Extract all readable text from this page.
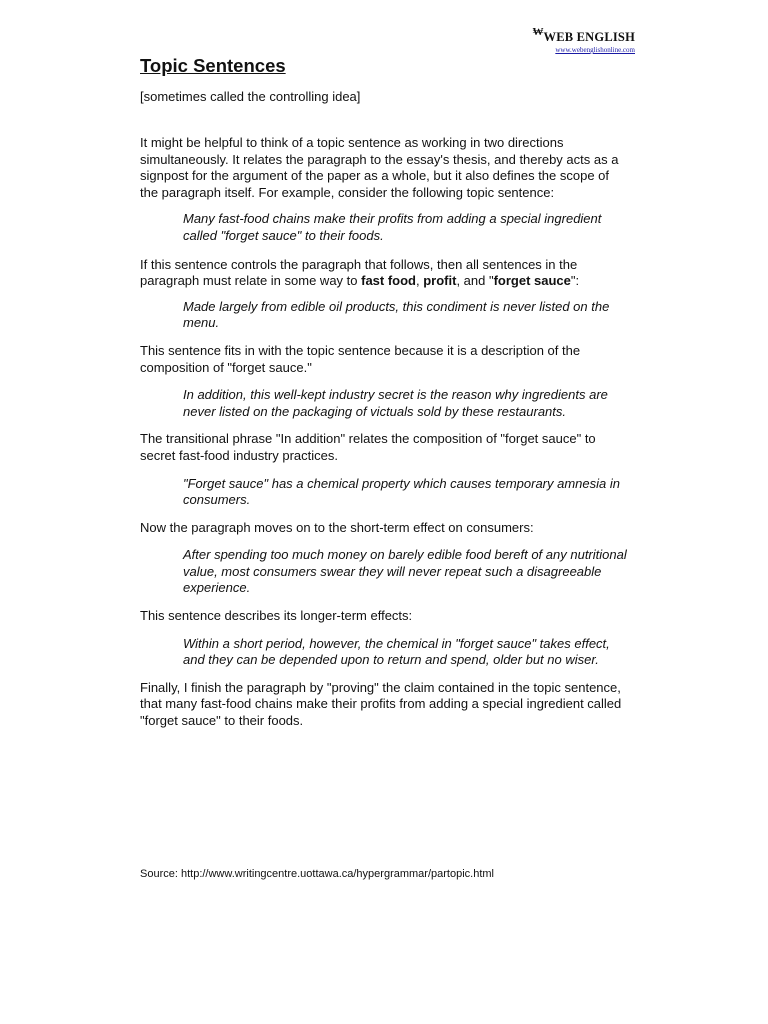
₩WEB ENGLISH
www.webenglishonline.com
Topic Sentences

[sometimes called the controlling idea]

It might be helpful to think of a topic sentence as working in two directions simultaneously. It relates the paragraph to the essay's thesis, and thereby acts as a signpost for the argument of the paper as a whole, but it also defines the scope of the paragraph itself. For example, consider the following topic sentence:

Many fast-food chains make their profits from adding a special ingredient called "forget sauce" to their foods.

If this sentence controls the paragraph that follows, then all sentences in the paragraph must relate in some way to fast food, profit, and "forget sauce":

Made largely from edible oil products, this condiment is never listed on the menu.

This sentence fits in with the topic sentence because it is a description of the composition of "forget sauce."

In addition, this well-kept industry secret is the reason why ingredients are never listed on the packaging of victuals sold by these restaurants.

The transitional phrase "In addition" relates the composition of "forget sauce" to secret fast-food industry practices.

"Forget sauce" has a chemical property which causes temporary amnesia in consumers.

Now the paragraph moves on to the short-term effect on consumers:

After spending too much money on barely edible food bereft of any nutritional value, most consumers swear they will never repeat such a disagreeable experience.

This sentence describes its longer-term effects:

Within a short period, however, the chemical in "forget sauce" takes effect, and they can be depended upon to return and spend, older but no wiser.

Finally, I finish the paragraph by "proving" the claim contained in the topic sentence, that many fast-food chains make their profits from adding a special ingredient called "forget sauce" to their foods.

Source: http://www.writingcentre.uottawa.ca/hypergrammar/partopic.html
